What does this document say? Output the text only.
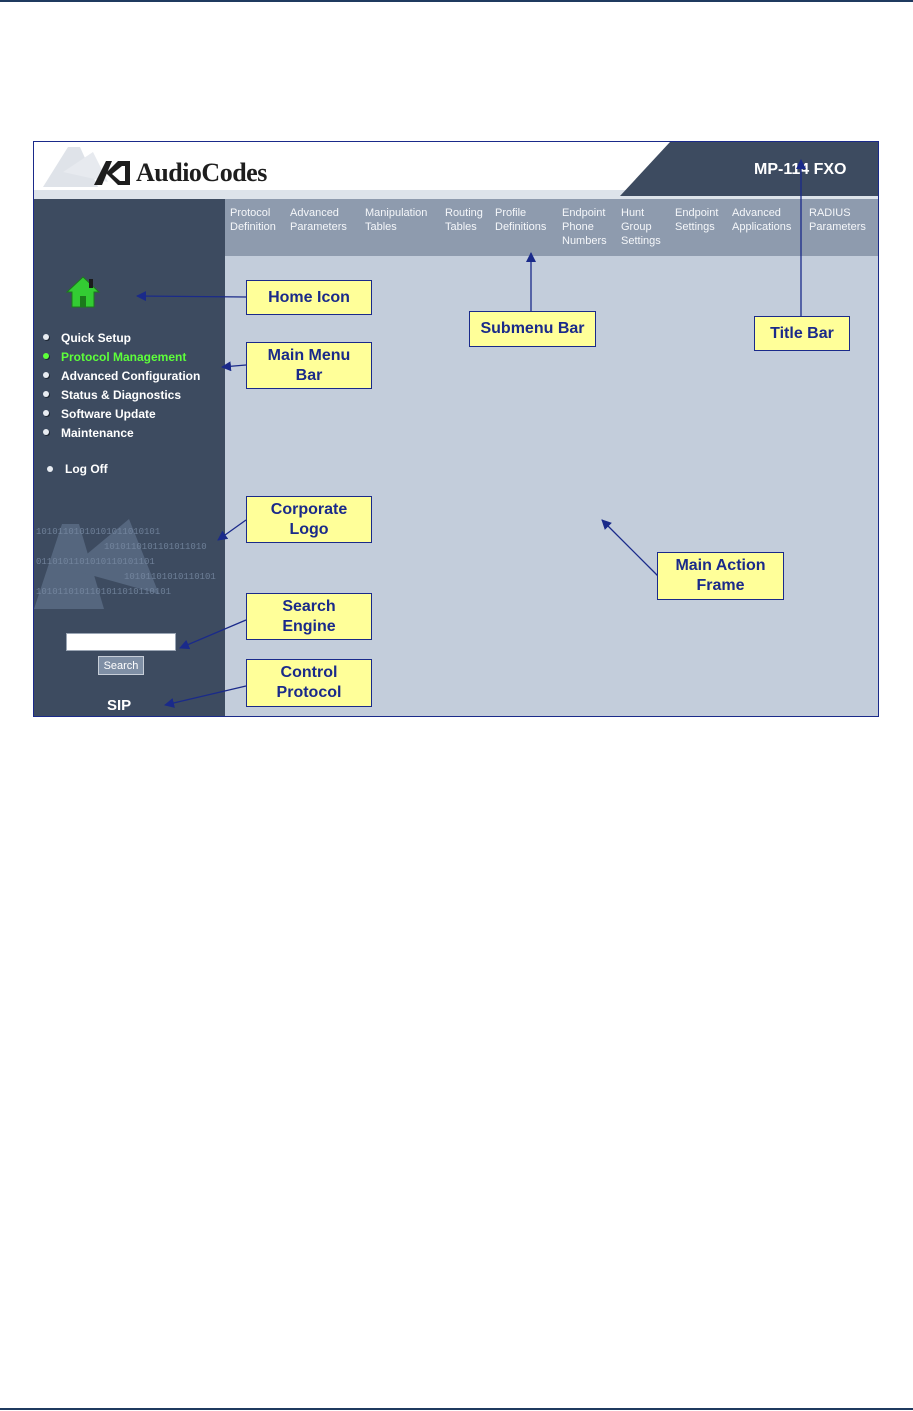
AudioCodes	MP-114 FXO
Quick Setup
Protocol Management
Advanced Configuration
Status & Diagnostics
Software Update
Maintenance
Log Off
10101101010101011010101
1010110101101011010
0110101101010110101101
10101101010110101
1010110101101011010110101
Search
SIP
Protocol
Definition
Advanced
Parameters
Manipulation
Tables
Routing
Tables
Profile
Definitions
Endpoint
Phone
Numbers
Hunt
Group
Settings
Endpoint
Settings
Advanced
Applications
RADIUS
Parameters
Home Icon
Submenu Bar	Title Bar
Main Menu
Bar
Corporate
Logo
Main Action
Frame
Search
Engine
Control
Protocol
